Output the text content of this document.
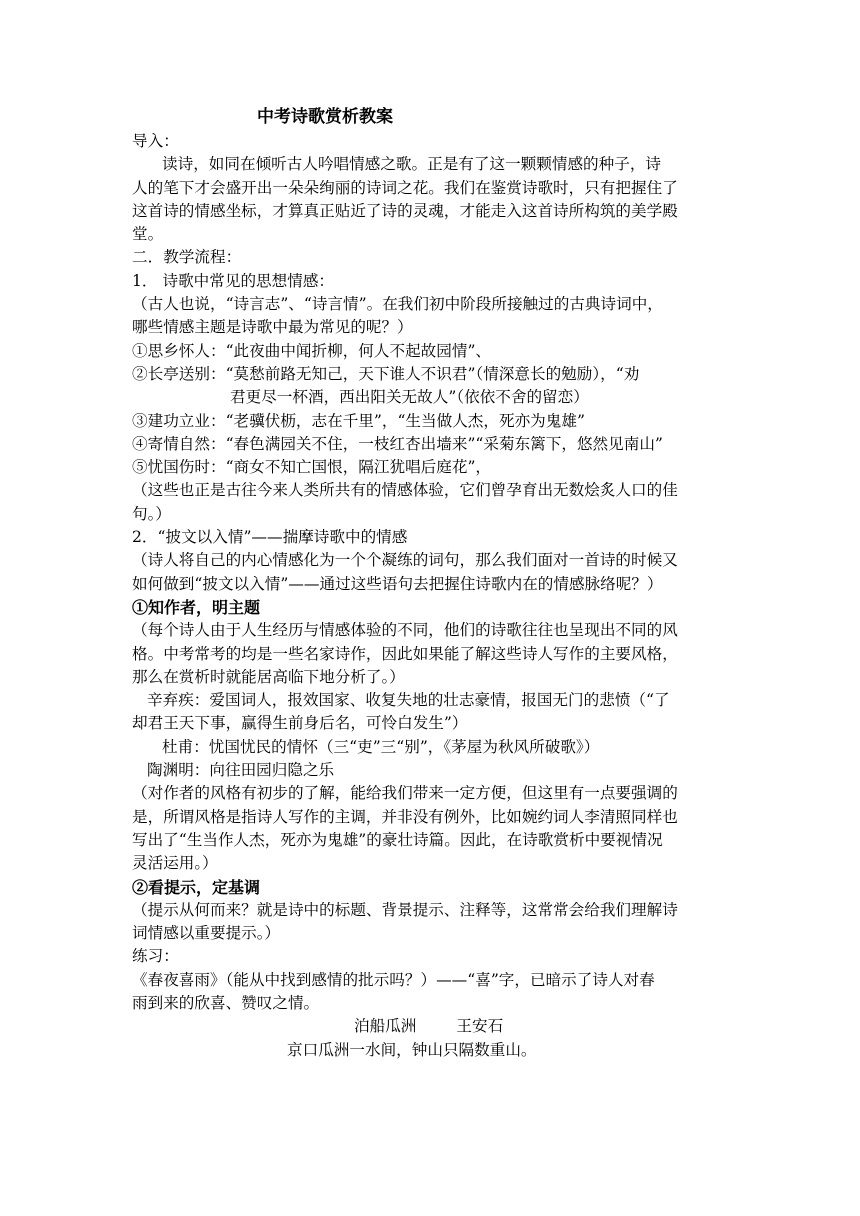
中考诗歌赏析教案
导入：
读诗，如同在倾听古人吟唱情感之歌。正是有了这一颗颗情感的种子，诗
人的笔下才会盛开出一朵朵绚丽的诗词之花。我们在鉴赏诗歌时，只有把握住了
这首诗的情感坐标，才算真正贴近了诗的灵魂，才能走入这首诗所构筑的美学殿
堂。
二．教学流程：
1． 诗歌中常见的思想情感：
（古人也说，“诗言志”、“诗言情”。在我们初中阶段所接触过的古典诗词中，
哪些情感主题是诗歌中最为常见的呢？）
①思乡怀人：“此夜曲中闻折柳，何人不起故园情”、
②长亭送别：“莫愁前路无知己，天下谁人不识君”（情深意长的勉励），“劝
君更尽一杯酒，西出阳关无故人”（依依不舍的留恋）
③建功立业：“老骥伏枥，志在千里”，“生当做人杰，死亦为鬼雄”
④寄情自然：“春色满园关不住，一枝红杏出墙来”“采菊东篱下，悠然见南山”
⑤忧国伤时：“商女不知亡国恨，隔江犹唱后庭花”，
（这些也正是古往今来人类所共有的情感体验，它们曾孕育出无数烩炙人口的佳
句。）
2．“披文以入情”——揣摩诗歌中的情感
（诗人将自己的内心情感化为一个个凝练的词句，那么我们面对一首诗的时候又
如何做到“披文以入情”——通过这些语句去把握住诗歌内在的情感脉络呢？）
①知作者，明主题
（每个诗人由于人生经历与情感体验的不同，他们的诗歌往往也呈现出不同的风
格。中考常考的均是一些名家诗作，因此如果能了解这些诗人写作的主要风格，
那么在赏析时就能居高临下地分析了。）
辛弃疾：爱国词人，报效国家、收复失地的壮志豪情，报国无门的悲愤（“了
却君王天下事，赢得生前身后名，可怜白发生”）
杜甫：忧国忧民的情怀（三“吏”三“别”，《茅屋为秋风所破歌》）
陶渊明：向往田园归隐之乐
（对作者的风格有初步的了解，能给我们带来一定方便，但这里有一点要强调的
是，所谓风格是指诗人写作的主调，并非没有例外，比如婉约词人李清照同样也
写出了“生当作人杰，死亦为鬼雄”的豪壮诗篇。因此，在诗歌赏析中要视情况
灵活运用。）
②看提示，定基调
（提示从何而来？就是诗中的标题、背景提示、注释等，这常常会给我们理解诗
词情感以重要提示。）
练习：
《春夜喜雨》（能从中找到感情的批示吗？）——“喜”字，已暗示了诗人对春
雨到来的欣喜、赞叹之情。
泊船瓜洲	王安石
京口瓜洲一水间，钟山只隔数重山。
